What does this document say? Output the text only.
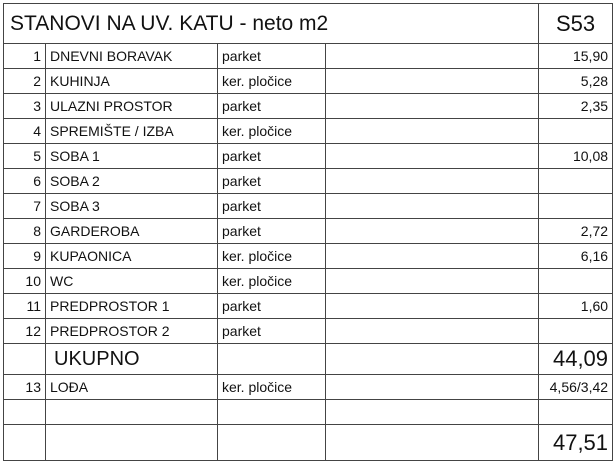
STANOVI NA UV. KATU - neto m2				S53
1	DNEVNI BORAVAK	parket		15,90
2	KUHINJA	ker. pločice		5,28
3	ULAZNI PROSTOR	parket		2,35
4	SPREMIŠTE / IZBA	ker. pločice		
5	SOBA 1	parket		10,08
6	SOBA 2	parket		
7	SOBA 3	parket		
8	GARDEROBA	parket		2,72
9	KUPAONICA	ker. pločice		6,16
10	WC	ker. pločice		
11	PREDPROSTOR 1	parket		1,60
12	PREDPROSTOR 2	parket		
	UKUPNO			44,09
13	LOĐA	ker. pločice		4,56/3,42

				47,51
